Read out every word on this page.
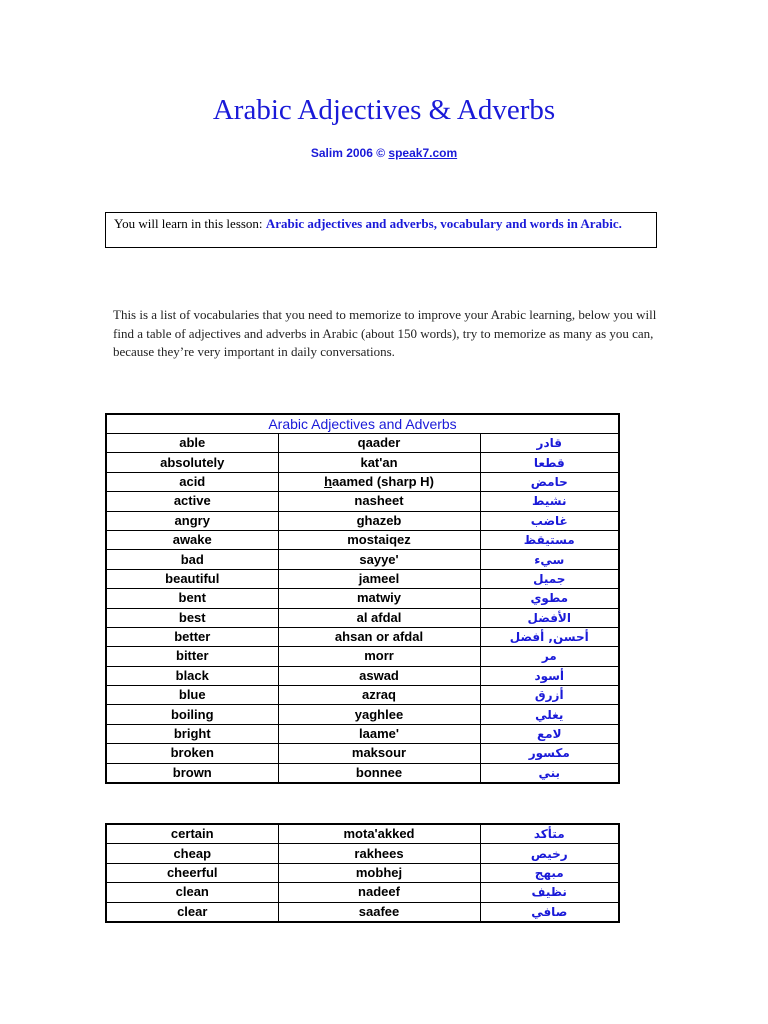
Arabic Adjectives & Adverbs
Salim 2006 © speak7.com
You will learn in this lesson: Arabic adjectives and adverbs, vocabulary and words in Arabic.
This is a list of vocabularies that you need to memorize to improve your Arabic learning, below you will find a table of adjectives and adverbs in Arabic (about 150 words), try to memorize as many as you can, because they’re very important in daily conversations.
Arabic Adjectives and Adverbs		
able	qaader	قادر
absolutely	kat'an	قطعا
acid	haamed (sharp H)	حامض
active	nasheet	نشيط
angry	ghazeb	غاضب
awake	mostaiqez	مستيقظ
bad	sayye'	سيء
beautiful	jameel	جميل
bent	matwiy	مطوي
best	al afdal	الأفضل
better	ahsan or afdal	أحسن, أفضل
bitter	morr	مر
black	aswad	أسود
blue	azraq	أزرق
boiling	yaghlee	يغلي
bright	laame'	لامع
broken	maksour	مكسور
brown	bonnee	بني
certain	mota'akked	متأكد
cheap	rakhees	رخيص
cheerful	mobhej	مبهج
clean	nadeef	نظيف
clear	saafee	صافي
